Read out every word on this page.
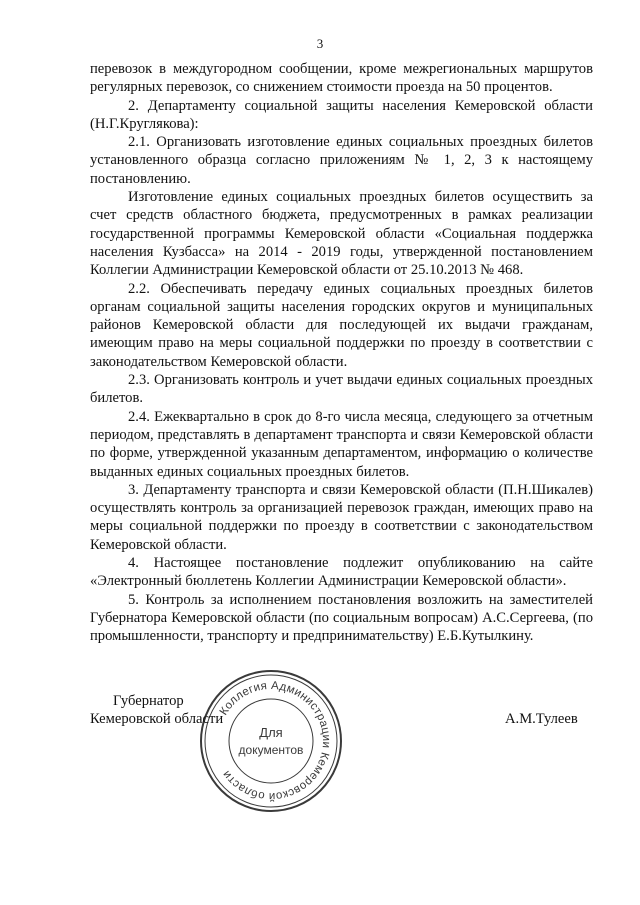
3

перевозок в междугородном сообщении, кроме межрегиональных маршрутов регулярных перевозок, со снижением стоимости проезда на 50 процентов.

2. Департаменту социальной защиты населения Кемеровской области (Н.Г.Круглякова):

2.1. Организовать изготовление единых социальных проездных билетов установленного образца согласно приложениям № 1, 2, 3 к настоящему постановлению.

Изготовление единых социальных проездных билетов осуществить за счет средств областного бюджета, предусмотренных в рамках реализации государственной программы Кемеровской области «Социальная поддержка населения Кузбасса» на 2014 - 2019 годы, утвержденной постановлением Коллегии Администрации Кемеровской области от 25.10.2013 № 468.

2.2. Обеспечивать передачу единых социальных проездных билетов органам социальной защиты населения городских округов и муниципальных районов Кемеровской области для последующей их выдачи гражданам, имеющим право на меры социальной поддержки по проезду в соответствии с законодательством Кемеровской области.

2.3. Организовать контроль и учет выдачи единых социальных проездных билетов.

2.4. Ежеквартально в срок до 8-го числа месяца, следующего за отчетным периодом, представлять в департамент транспорта и связи Кемеровской области по форме, утвержденной указанным департаментом, информацию о количестве выданных единых социальных проездных билетов.

3. Департаменту транспорта и связи Кемеровской области (П.Н.Шикалев) осуществлять контроль за организацией перевозок граждан, имеющих право на меры социальной поддержки по проезду в соответствии с законодательством Кемеровской области.

4. Настоящее постановление подлежит опубликованию на сайте «Электронный бюллетень Коллегии Администрации Кемеровской области».

5. Контроль за исполнением постановления возложить на заместителей Губернатора Кемеровской области (по социальным вопросам) А.С.Сергеева, (по промышленности, транспорту и предпринимательству) Е.Б.Кутылкину.

Коллегия Администрации Кемеровской области
Для
документов
Губернатор
Кемеровской области	А.М.Тулеев
